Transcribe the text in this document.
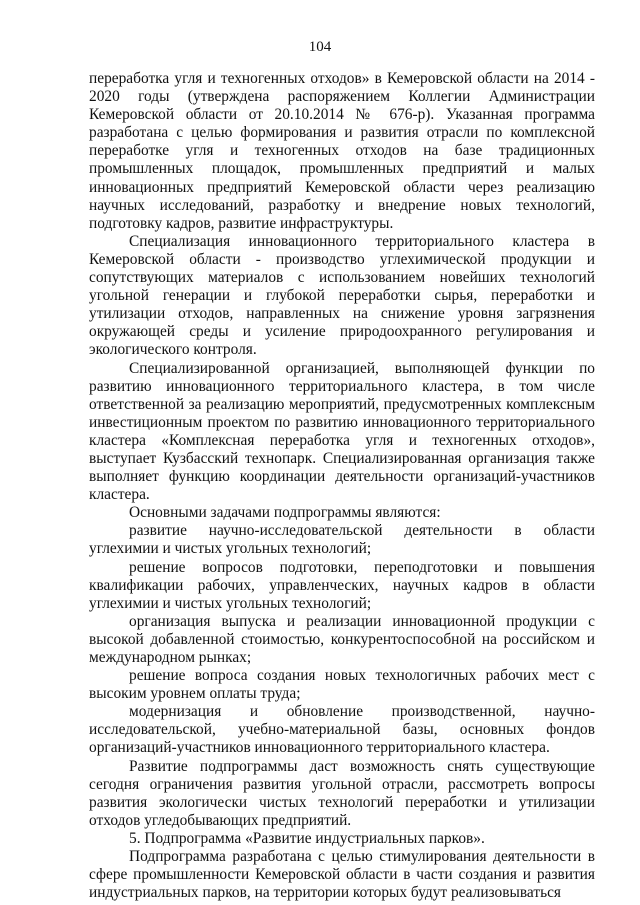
104

переработка угля и техногенных отходов» в Кемеровской области на 2014 - 2020 годы (утверждена распоряжением Коллегии Администрации Кемеровской области от 20.10.2014 № 676-р). Указанная программа разработана с целью формирования и развития отрасли по комплексной переработке угля и техногенных отходов на базе традиционных промышленных площадок, промышленных предприятий и малых инновационных предприятий Кемеровской области через реализацию научных исследований, разработку и внедрение новых технологий, подготовку кадров, развитие инфраструктуры.

Специализация инновационного территориального кластера в Кемеровской области - производство углехимической продукции и сопутствующих материалов с использованием новейших технологий угольной генерации и глубокой переработки сырья, переработки и утилизации отходов, направленных на снижение уровня загрязнения окружающей среды и усиление природоохранного регулирования и экологического контроля.

Специализированной организацией, выполняющей функции по развитию инновационного территориального кластера, в том числе ответственной за реализацию мероприятий, предусмотренных комплексным инвестиционным проектом по развитию инновационного территориального кластера «Комплексная переработка угля и техногенных отходов», выступает Кузбасский технопарк. Специализированная организация также выполняет функцию координации деятельности организаций-участников кластера.

Основными задачами подпрограммы являются:

развитие научно-исследовательской деятельности в области углехимии и чистых угольных технологий;

решение вопросов подготовки, переподготовки и повышения квалификации рабочих, управленческих, научных кадров в области углехимии и чистых угольных технологий;

организация выпуска и реализации инновационной продукции с высокой добавленной стоимостью, конкурентоспособной на российском и международном рынках;

решение вопроса создания новых технологичных рабочих мест с высоким уровнем оплаты труда;

модернизация и обновление производственной, научно-исследовательской, учебно-материальной базы, основных фондов организаций-участников инновационного территориального кластера.

Развитие подпрограммы даст возможность снять существующие сегодня ограничения развития угольной отрасли, рассмотреть вопросы развития экологически чистых технологий переработки и утилизации отходов угледобывающих предприятий.

5. Подпрограмма «Развитие индустриальных парков».

Подпрограмма разработана с целью стимулирования деятельности в сфере промышленности Кемеровской области в части создания и развития индустриальных парков, на территории которых будут реализовываться
